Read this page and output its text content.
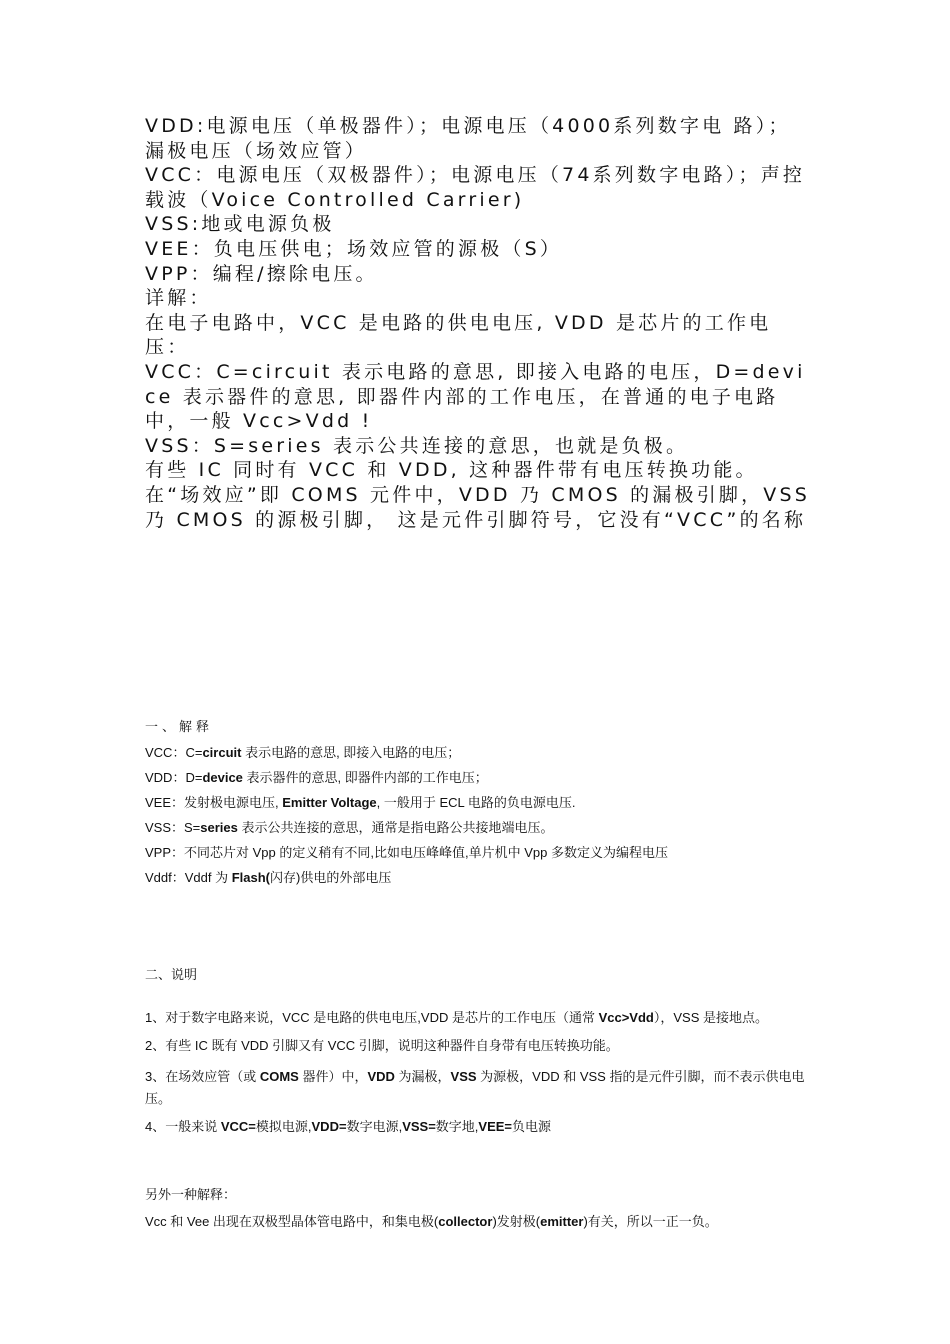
VDD:电源电压（单极器件）；电源电压（4000系列数字电 路）；漏极电压（场效应管）

VCC：电源电压（双极器件）；电源电压（74系列数字电路）；声控载波（Voice Controlled Carrier)

VSS:地或电源负极

VEE：负电压供电；场效应管的源极（S）

VPP：编程/擦除电压。

详解：

在电子电路中，VCC 是电路的供电电压, VDD 是芯片的工作电压：

VCC：C=circuit 表示电路的意思, 即接入电路的电压，D=device 表示器件的意思, 即器件内部的工作电压，在普通的电子电路中，一般 Vcc>Vdd !

VSS：S=series 表示公共连接的意思，也就是负极。

有些 IC 同时有 VCC 和 VDD, 这种器件带有电压转换功能。

在“场效应”即 COMS 元件中，VDD 乃 CMOS 的漏极引脚，VSS 乃 CMOS 的源极引脚， 这是元件引脚符号，它没有“VCC”的名称

一、解释

VCC：C=circuit 表示电路的意思, 即接入电路的电压；

VDD：D=device 表示器件的意思, 即器件内部的工作电压；

VEE：发射极电源电压, Emitter Voltage, 一般用于 ECL 电路的负电源电压.

VSS：S=series 表示公共连接的意思，通常是指电路公共接地端电压。

VPP：不同芯片对 Vpp 的定义稍有不同,比如电压峰峰值,单片机中 Vpp 多数定义为编程电压

Vddf：Vddf 为 Flash(闪存)供电的外部电压

二、说明

1、对于数字电路来说，VCC 是电路的供电电压,VDD 是芯片的工作电压（通常 Vcc>Vdd），VSS 是接地点。

2、有些 IC 既有 VDD 引脚又有 VCC 引脚，说明这种器件自身带有电压转换功能。

3、在场效应管（或 COMS 器件）中，VDD 为漏极，VSS 为源极，VDD 和 VSS 指的是元件引脚，而不表示供电电压。

4、一般来说 VCC=模拟电源,VDD=数字电源,VSS=数字地,VEE=负电源

另外一种解释：

Vcc 和 Vee 出现在双极型晶体管电路中，和集电极(collector)发射极(emitter)有关，所以一正一负。
